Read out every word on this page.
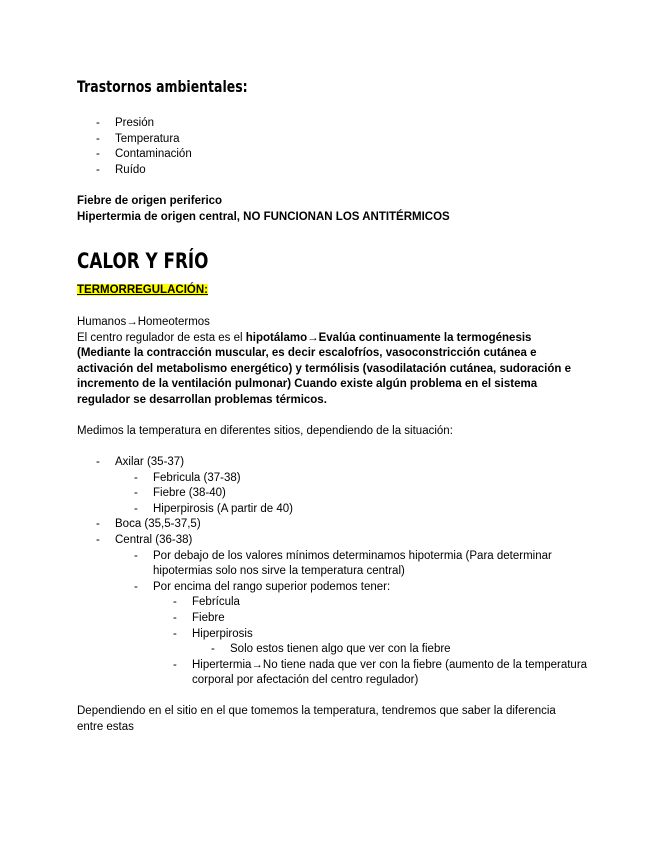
Trastornos ambientales:
- Presión
- Temperatura
- Contaminación
- Ruído

Fiebre de origen periferico

Hipertermia de origen central, NO FUNCIONAN LOS ANTITÉRMICOS

CALOR Y FRÍO
TERMORREGULACIÓN:

Humanos→Homeotermos

El centro regulador de esta es el hipotálamo→Evalúa continuamente la termogénesis (Mediante la contracción muscular, es decir escalofríos, vasoconstricción cutánea e activación del metabolismo energético) y termólisis (vasodilatación cutánea, sudoración e incremento de la ventilación pulmonar) Cuando existe algún problema en el sistema regulador se desarrollan problemas térmicos.

Medimos la temperatura en diferentes sitios, dependiendo de la situación:

- Axilar (35-37)
- Febricula (37-38)
- Fiebre (38-40)
- Hiperpirosis (A partir de 40)
- Boca (35,5-37,5)
- Central (36-38)
- Por debajo de los valores mínimos determinamos hipotermia (Para determinar hipotermias solo nos sirve la temperatura central)
- Por encima del rango superior podemos tener:
- Febrícula
- Fiebre
- Hiperpirosis
- Solo estos tienen algo que ver con la fiebre
- Hipertermia→No tiene nada que ver con la fiebre (aumento de la temperatura corporal por afectación del centro regulador)

Dependiendo en el sitio en el que tomemos la temperatura, tendremos que saber la diferencia entre estas
